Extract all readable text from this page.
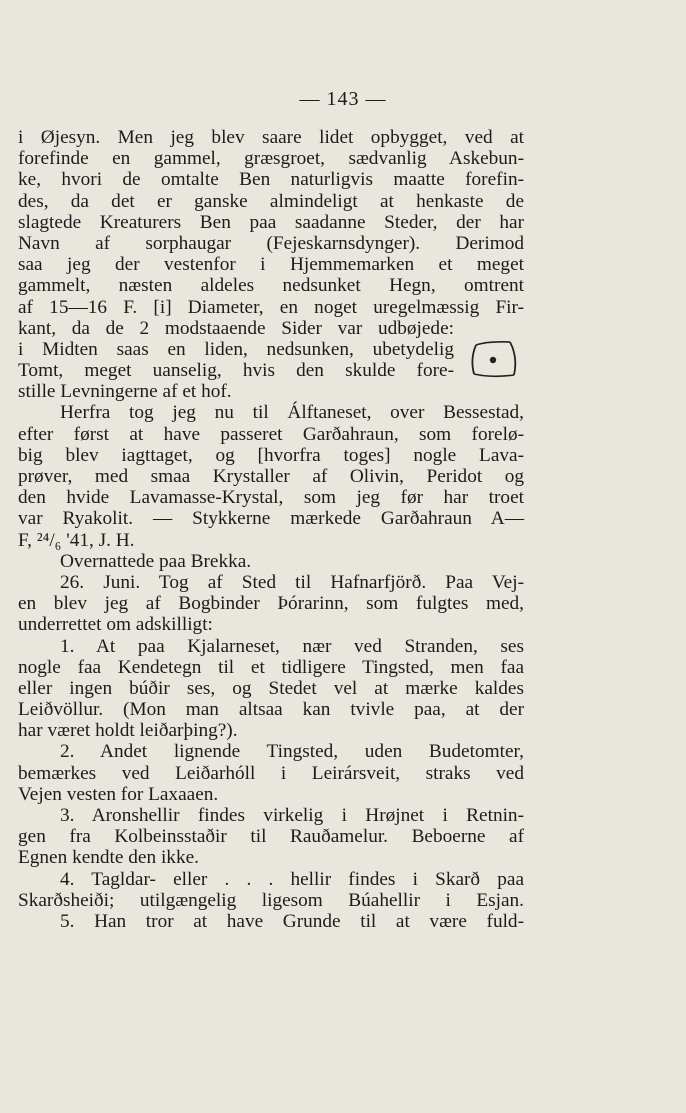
— 143 —
i Øjesyn. Men jeg blev saare lidet opbygget, ved at
forefinde en gammel, græsgroet, sædvanlig Askebun-
ke, hvori de omtalte Ben naturligvis maatte forefin-
des, da det er ganske almindeligt at henkaste de
slagtede Kreaturers Ben paa saadanne Steder, der har
Navn af sorphaugar (Fejeskarnsdynger). Derimod
saa jeg der vestenfor i Hjemmemarken et meget
gammelt, næsten aldeles nedsunket Hegn, omtrent
af 15—16 F. [i] Diameter, en noget uregelmæssig Fir-
kant, da de 2 modstaaende Sider var udbøjede:
i Midten saas en liden, nedsunken, ubetydelig
Tomt, meget uanselig, hvis den skulde fore-
stille Levningerne af et hof.
Herfra tog jeg nu til Álftaneset, over Bessestad,
efter først at have passeret Garðahraun, som forelø-
big blev iagttaget, og [hvorfra toges] nogle Lava-
prøver, med smaa Krystaller af Olivin, Peridot og
den hvide Lavamasse-Krystal, som jeg før har troet
var Ryakolit. — Stykkerne mærkede Garðahraun A—
F, ²⁴/₆ '41, J. H.
Overnattede paa Brekka.
26. Juni. Tog af Sted til Hafnarfjörð. Paa Vej-
en blev jeg af Bogbinder Þórarinn, som fulgtes med,
underrettet om adskilligt:
1. At paa Kjalarneset, nær ved Stranden, ses
nogle faa Kendetegn til et tidligere Tingsted, men faa
eller ingen búðir ses, og Stedet vel at mærke kaldes
Leiðvöllur. (Mon man altsaa kan tvivle paa, at der
har været holdt leiðarþing?).
2. Andet lignende Tingsted, uden Budetomter,
bemærkes ved Leiðarhóll i Leirársveit, straks ved
Vejen vesten for Laxaaen.
3. Aronshellir findes virkelig i Hrøjnet i Retnin-
gen fra Kolbeinsstaðir til Rauðamelur. Beboerne af
Egnen kendte den ikke.
4. Tagldar- eller . . . hellir findes i Skarð paa
Skarðsheiði; utilgængelig ligesom Búahellir i Esjan.
5. Han tror at have Grunde til at være fuld-
